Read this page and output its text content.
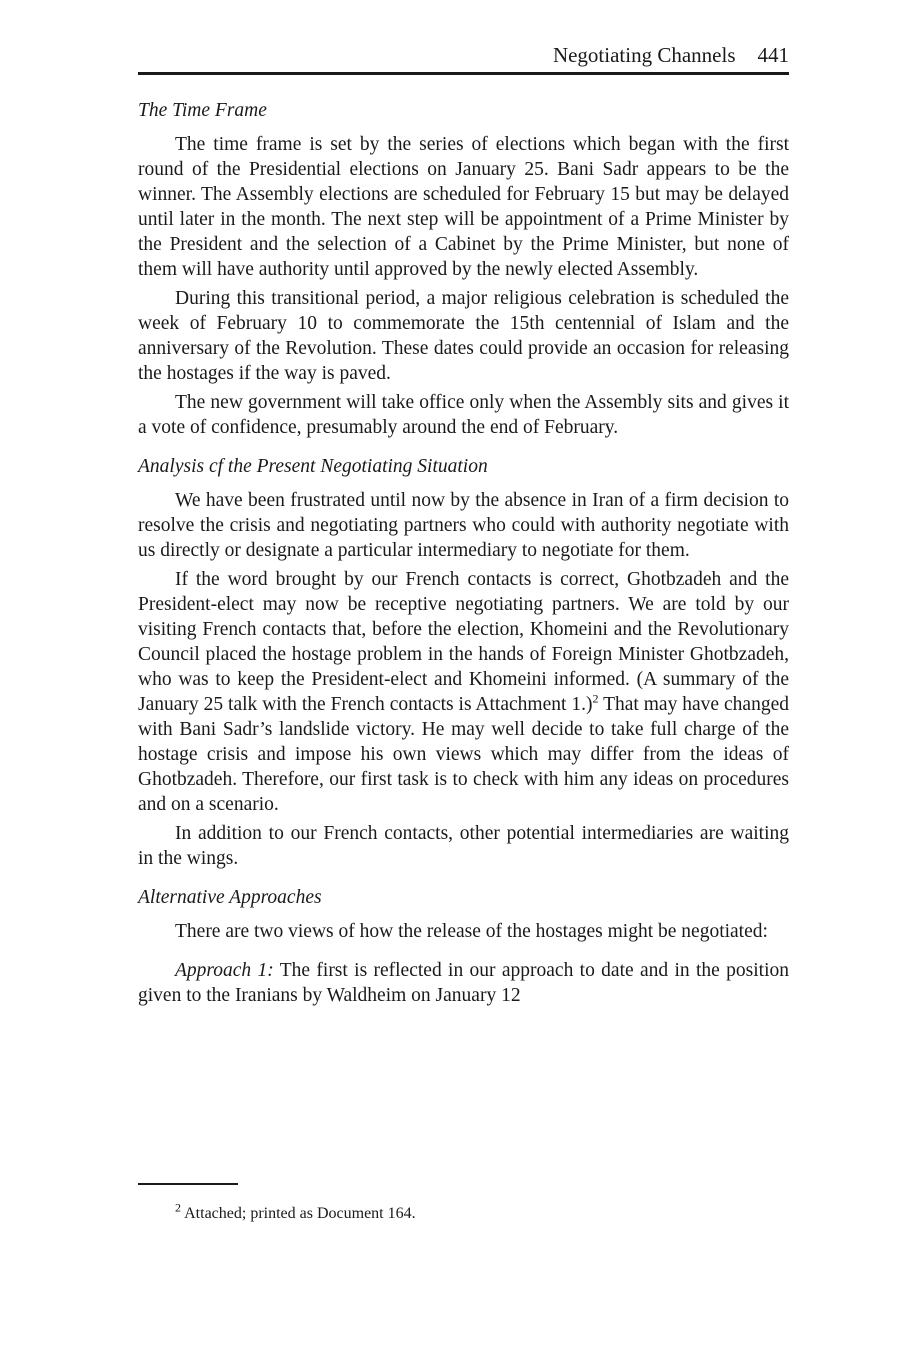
Negotiating Channels 441

The Time Frame

The time frame is set by the series of elections which began with the first round of the Presidential elections on January 25. Bani Sadr appears to be the winner. The Assembly elections are scheduled for February 15 but may be delayed until later in the month. The next step will be appointment of a Prime Minister by the President and the selection of a Cabinet by the Prime Minister, but none of them will have authority until approved by the newly elected Assembly.

During this transitional period, a major religious celebration is scheduled the week of February 10 to commemorate the 15th centennial of Islam and the anniversary of the Revolution. These dates could provide an occasion for releasing the hostages if the way is paved.

The new government will take office only when the Assembly sits and gives it a vote of confidence, presumably around the end of February.

Analysis cf the Present Negotiating Situation

We have been frustrated until now by the absence in Iran of a firm decision to resolve the crisis and negotiating partners who could with authority negotiate with us directly or designate a particular intermediary to negotiate for them.

If the word brought by our French contacts is correct, Ghotbzadeh and the President-elect may now be receptive negotiating partners. We are told by our visiting French contacts that, before the election, Khomeini and the Revolutionary Council placed the hostage problem in the hands of Foreign Minister Ghotbzadeh, who was to keep the President-elect and Khomeini informed. (A summary of the January 25 talk with the French contacts is Attachment 1.)$^2$ That may have changed with Bani Sadr’s landslide victory. He may well decide to take full charge of the hostage crisis and impose his own views which may differ from the ideas of Ghotbzadeh. Therefore, our first task is to check with him any ideas on procedures and on a scenario.

In addition to our French contacts, other potential intermediaries are waiting in the wings.

Alternative Approaches

There are two views of how the release of the hostages might be negotiated:

Approach 1: The first is reflected in our approach to date and in the position given to the Iranians by Waldheim on January 12

$^2$ Attached; printed as Document 164.
